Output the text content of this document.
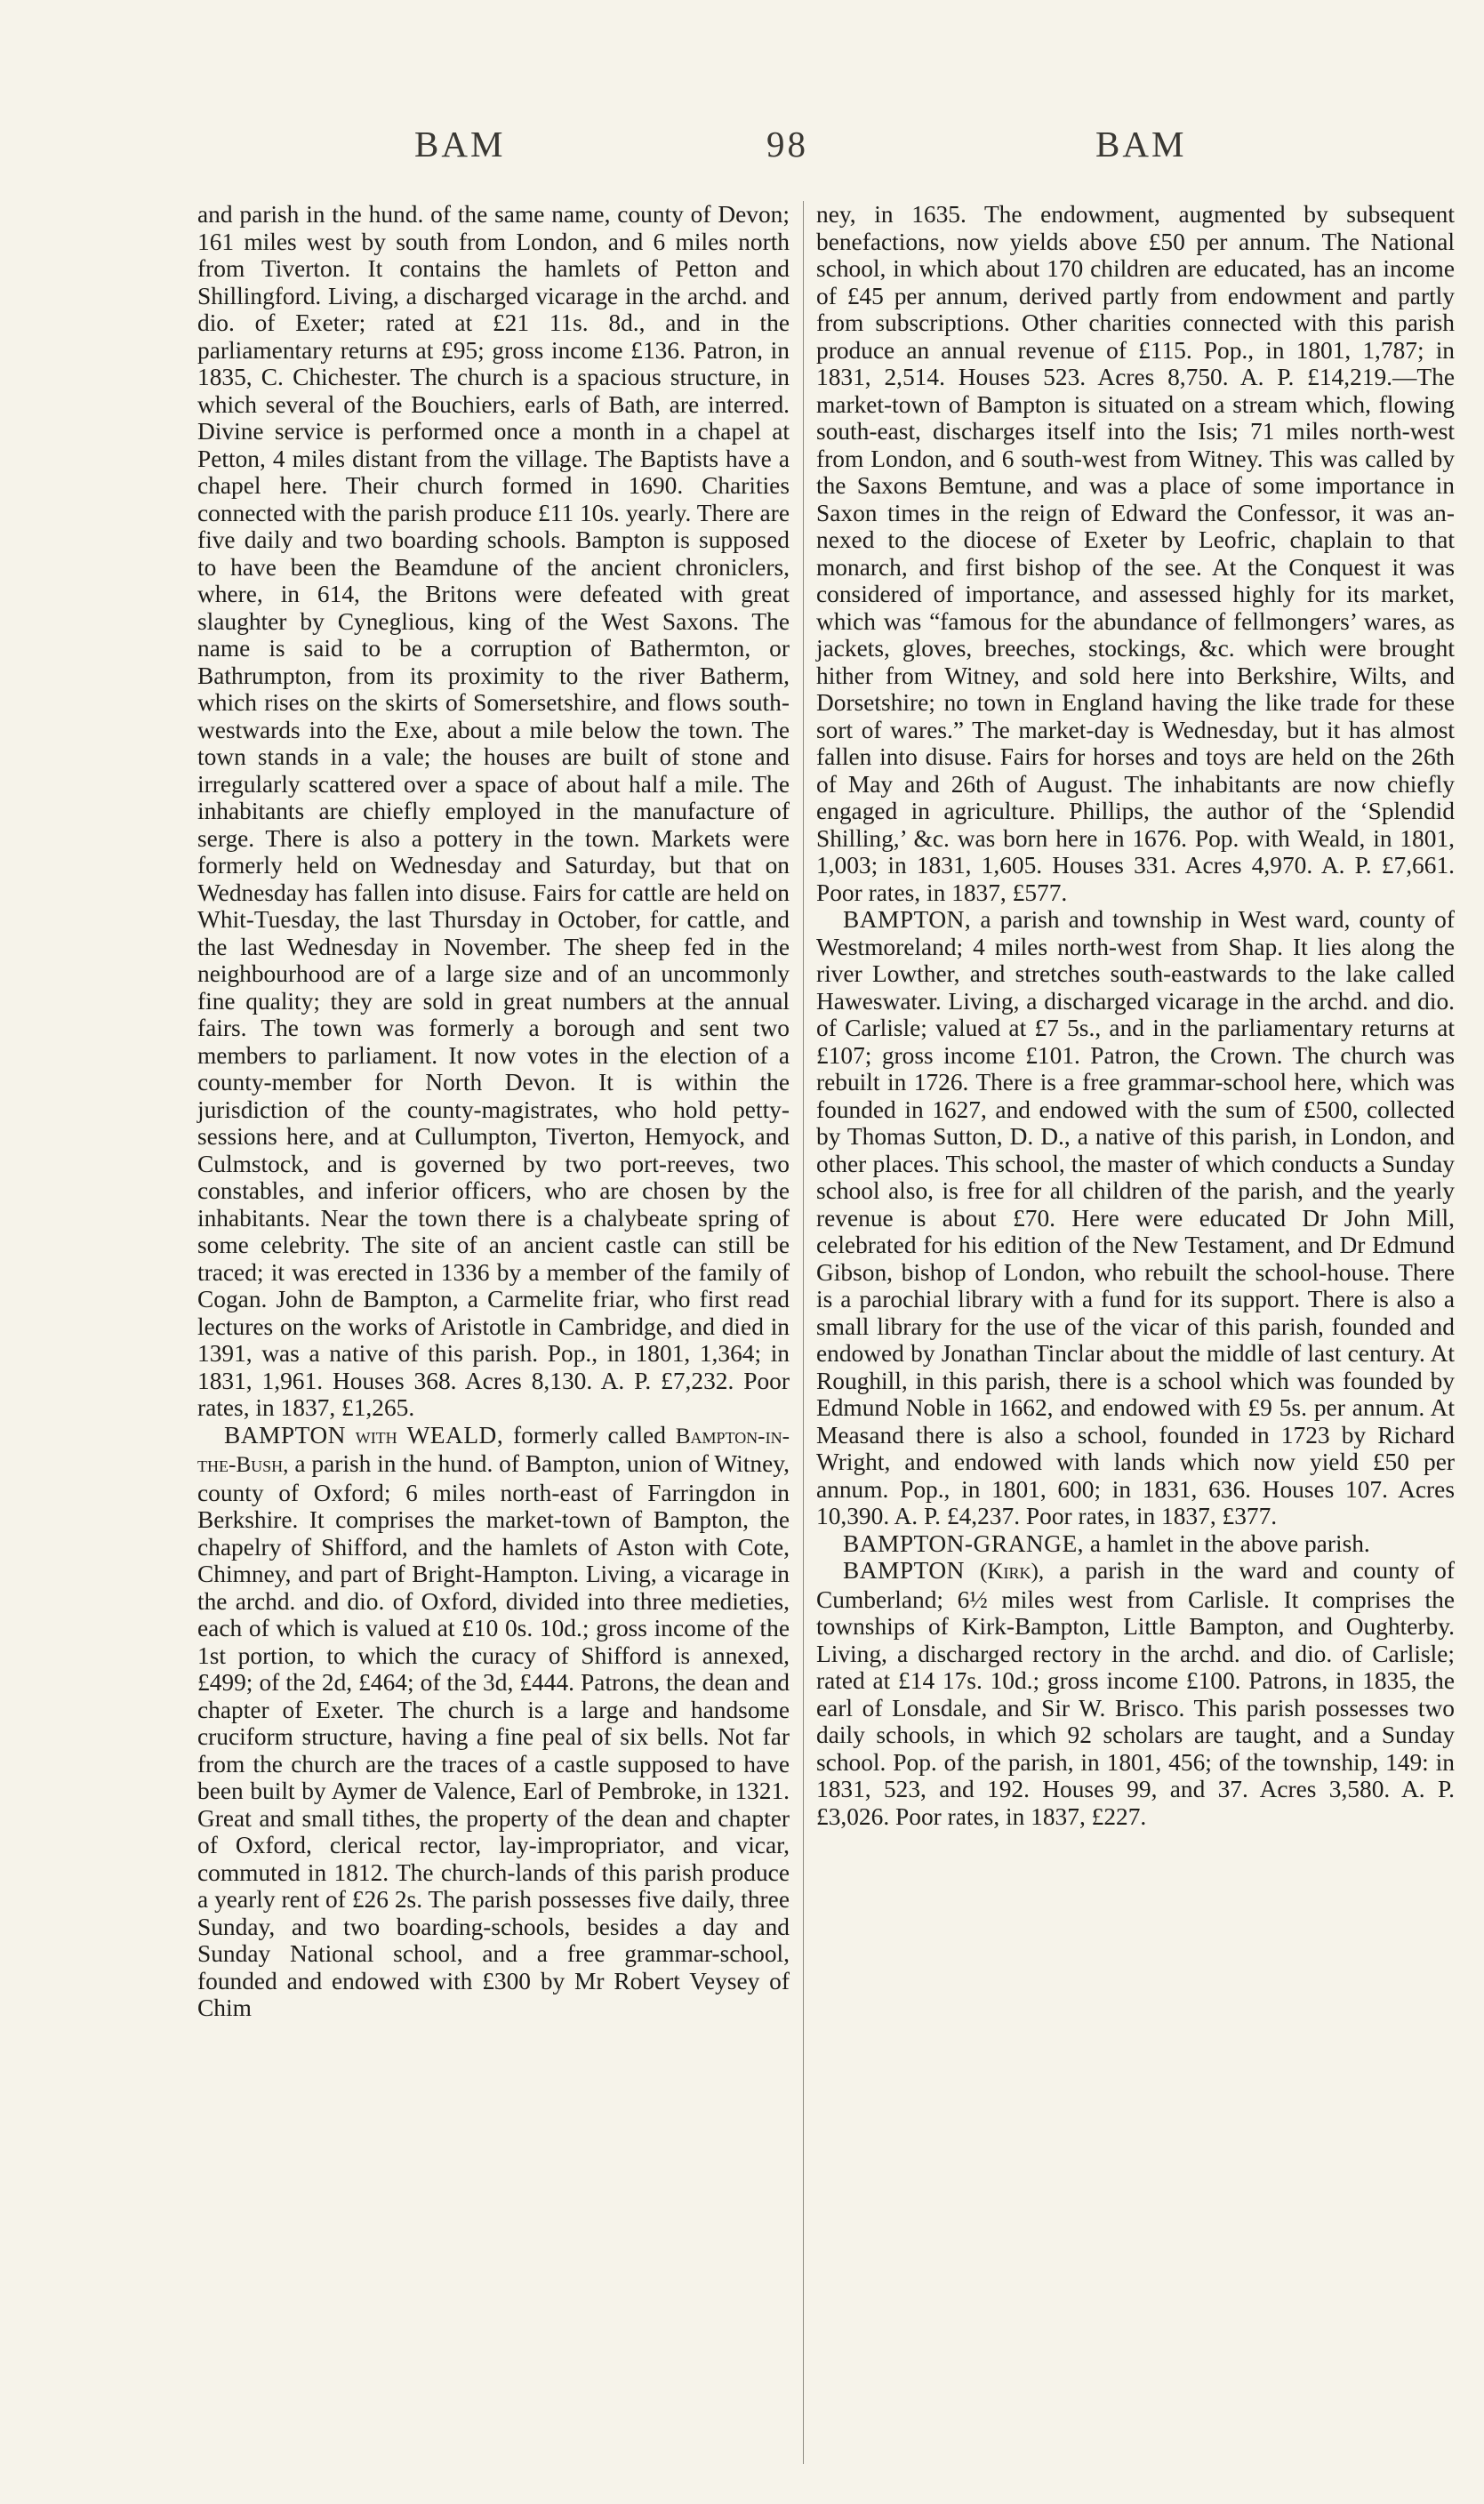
BAM	98	BAM

and parish in the hund. of the same name, county of Devon; 161 miles west by south from London, and 6 miles north from Tiverton. It contains the hamlets of Petton and Shillingford. Living, a discharged vicarage in the archd. and dio. of Exeter; rated at £21 11s. 8d., and in the parliamentary returns at £95; gross income £136. Patron, in 1835, C. Chichester. The church is a spacious structure, in which several of the Bouchiers, earls of Bath, are interred. Divine service is performed once a month in a chapel at Petton, 4 miles distant from the village. The Baptists have a chapel here. Their church formed in 1690. Charities connected with the parish produce £11 10s. yearly. There are five daily and two boarding schools. Bampton is supposed to have been the Beamdune of the ancient chroniclers, where, in 614, the Britons were defeated with great slaughter by Cyneglious, king of the West Saxons. The name is said to be a corruption of Bathermton, or Bathrumpton, from its proximity to the river Batherm, which rises on the skirts of Somersetshire, and flows south-westwards into the Exe, about a mile below the town. The town stands in a vale; the houses are built of stone and irregularly scattered over a space of about half a mile. The inhabitants are chiefly employed in the manufacture of serge. There is also a pottery in the town. Markets were formerly held on Wednesday and Saturday, but that on Wednesday has fallen into disuse. Fairs for cattle are held on Whit-Tuesday, the last Thursday in October, for cattle, and the last Wednesday in November. The sheep fed in the neighbourhood are of a large size and of an uncommonly fine quality; they are sold in great numbers at the annual fairs. The town was formerly a borough and sent two members to parliament. It now votes in the election of a county-member for North Devon. It is within the jurisdiction of the county-magistrates, who hold petty-sessions here, and at Cullumpton, Tiverton, Hemyock, and Culmstock, and is governed by two port-reeves, two constables, and inferior officers, who are chosen by the inhabitants. Near the town there is a chalybeate spring of some celebrity. The site of an ancient castle can still be traced; it was erected in 1336 by a member of the family of Cogan. John de Bampton, a Carmelite friar, who first read lectures on the works of Aristotle in Cambridge, and died in 1391, was a native of this parish. Pop., in 1801, 1,364; in 1831, 1,961. Houses 368. Acres 8,130. A. P. £7,232. Poor rates, in 1837, £1,265.

BAMPTON with WEALD, formerly called Bampton-in-the-Bush, a parish in the hund. of Bampton, union of Witney, county of Oxford; 6 miles north-east of Farringdon in Berkshire. It comprises the market-town of Bampton, the chapelry of Shifford, and the hamlets of Aston with Cote, Chimney, and part of Bright-Hampton. Living, a vicarage in the archd. and dio. of Oxford, divided into three medieties, each of which is valued at £10 0s. 10d.; gross income of the 1st portion, to which the curacy of Shifford is annexed, £499; of the 2d, £464; of the 3d, £444. Patrons, the dean and chapter of Exeter. The church is a large and handsome cruciform structure, having a fine peal of six bells. Not far from the church are the traces of a castle supposed to have been built by Aymer de Valence, Earl of Pembroke, in 1321. Great and small tithes, the property of the dean and chapter of Oxford, clerical rector, lay-impropriator, and vicar, commuted in 1812. The church-lands of this parish produce a yearly rent of £26 2s. The parish possesses five daily, three Sunday, and two boarding-schools, besides a day and Sunday National school, and a free grammar-school, founded and endowed with £300 by Mr Robert Veysey of Chim

ney, in 1635. The endowment, augmented by subsequent benefactions, now yields above £50 per annum. The National school, in which about 170 children are educated, has an income of £45 per annum, derived partly from endowment and partly from subscriptions. Other charities connected with this parish produce an annual revenue of £115. Pop., in 1801, 1,787; in 1831, 2,514. Houses 523. Acres 8,750. A. P. £14,219.—The market-town of Bampton is situated on a stream which, flowing south-east, discharges itself into the Isis; 71 miles north-west from London, and 6 south-west from Witney. This was called by the Saxons Bemtune, and was a place of some importance in Saxon times in the reign of Edward the Confessor, it was annexed to the diocese of Exeter by Leofric, chaplain to that monarch, and first bishop of the see. At the Conquest it was considered of importance, and assessed highly for its market, which was “famous for the abundance of fellmongers’ wares, as jackets, gloves, breeches, stockings, &c. which were brought hither from Witney, and sold here into Berkshire, Wilts, and Dorsetshire; no town in England having the like trade for these sort of wares.” The market-day is Wednesday, but it has almost fallen into disuse. Fairs for horses and toys are held on the 26th of May and 26th of August. The inhabitants are now chiefly engaged in agriculture. Phillips, the author of the ‘Splendid Shilling,’ &c. was born here in 1676. Pop. with Weald, in 1801, 1,003; in 1831, 1,605. Houses 331. Acres 4,970. A. P. £7,661. Poor rates, in 1837, £577.

BAMPTON, a parish and township in West ward, county of Westmoreland; 4 miles north-west from Shap. It lies along the river Lowther, and stretches south-eastwards to the lake called Haweswater. Living, a discharged vicarage in the archd. and dio. of Carlisle; valued at £7 5s., and in the parliamentary returns at £107; gross income £101. Patron, the Crown. The church was rebuilt in 1726. There is a free grammar-school here, which was founded in 1627, and endowed with the sum of £500, collected by Thomas Sutton, D. D., a native of this parish, in London, and other places. This school, the master of which conducts a Sunday school also, is free for all children of the parish, and the yearly revenue is about £70. Here were educated Dr John Mill, celebrated for his edition of the New Testament, and Dr Edmund Gibson, bishop of London, who rebuilt the school-house. There is a parochial library with a fund for its support. There is also a small library for the use of the vicar of this parish, founded and endowed by Jonathan Tinclar about the middle of last century. At Roughill, in this parish, there is a school which was founded by Edmund Noble in 1662, and endowed with £9 5s. per annum. At Measand there is also a school, founded in 1723 by Richard Wright, and endowed with lands which now yield £50 per annum. Pop., in 1801, 600; in 1831, 636. Houses 107. Acres 10,390. A. P. £4,237. Poor rates, in 1837, £377.

BAMPTON-GRANGE, a hamlet in the above parish.

BAMPTON (Kirk), a parish in the ward and county of Cumberland; 6½ miles west from Carlisle. It comprises the townships of Kirk-Bampton, Little Bampton, and Oughterby. Living, a discharged rectory in the archd. and dio. of Carlisle; rated at £14 17s. 10d.; gross income £100. Patrons, in 1835, the earl of Lonsdale, and Sir W. Brisco. This parish possesses two daily schools, in which 92 scholars are taught, and a Sunday school. Pop. of the parish, in 1801, 456; of the township, 149: in 1831, 523, and 192. Houses 99, and 37. Acres 3,580. A. P. £3,026. Poor rates, in 1837, £227.
